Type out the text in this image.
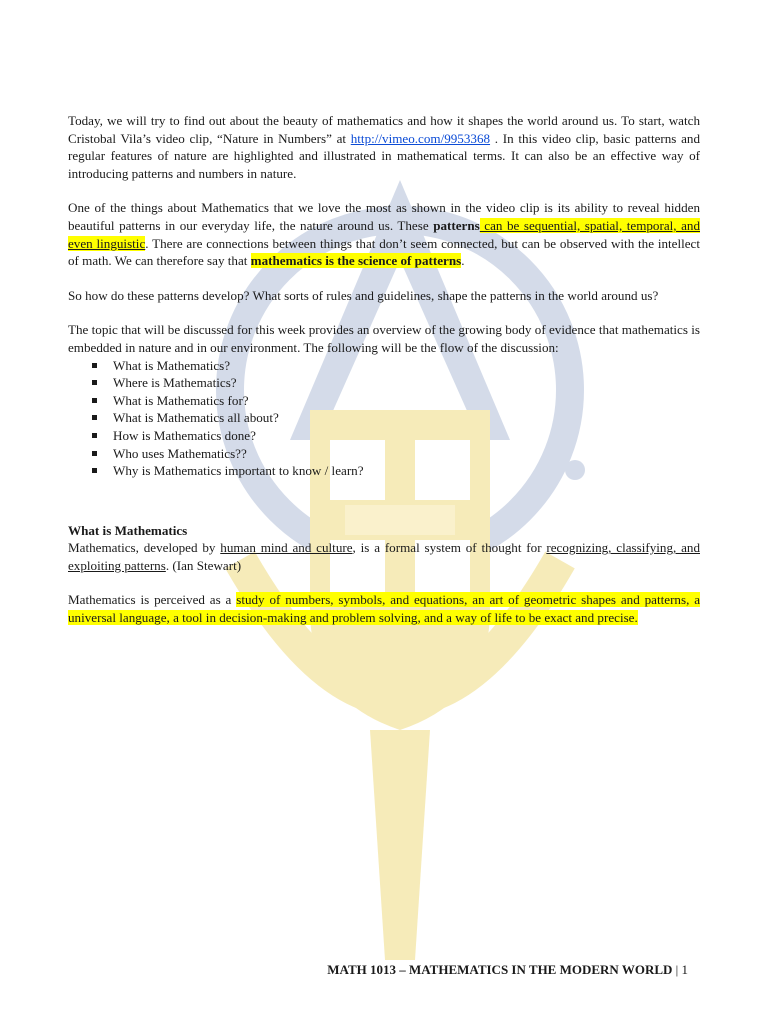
Today, we will try to find out about the beauty of mathematics and how it shapes the world around us. To start, watch Cristobal Vila’s video clip, “Nature in Numbers” at http://vimeo.com/9953368 . In this video clip, basic patterns and regular features of nature are highlighted and illustrated in mathematical terms. It can also be an effective way of introducing patterns and numbers in nature.

One of the things about Mathematics that we love the most as shown in the video clip is its ability to reveal hidden beautiful patterns in our everyday life, the nature around us. These patterns can be sequential, spatial, temporal, and even linguistic. There are connections between things that don’t seem connected, but can be observed with the intellect of math. We can therefore say that mathematics is the science of patterns.

So how do these patterns develop? What sorts of rules and guidelines, shape the patterns in the world around us?

The topic that will be discussed for this week provides an overview of the growing body of evidence that mathematics is embedded in nature and in our environment. The following will be the flow of the discussion:

What is Mathematics?
Where is Mathematics?
What is Mathematics for?
What is Mathematics all about?
How is Mathematics done?
Who uses Mathematics??
Why is Mathematics important to know / learn?

What is Mathematics

Mathematics, developed by human mind and culture, is a formal system of thought for recognizing, classifying, and exploiting patterns. (Ian Stewart)

Mathematics is perceived as a study of numbers, symbols, and equations, an art of geometric shapes and patterns, a universal language, a tool in decision-making and problem solving, and a way of life to be exact and precise.

MATH 1013 – MATHEMATICS IN THE MODERN WORLD | 1
